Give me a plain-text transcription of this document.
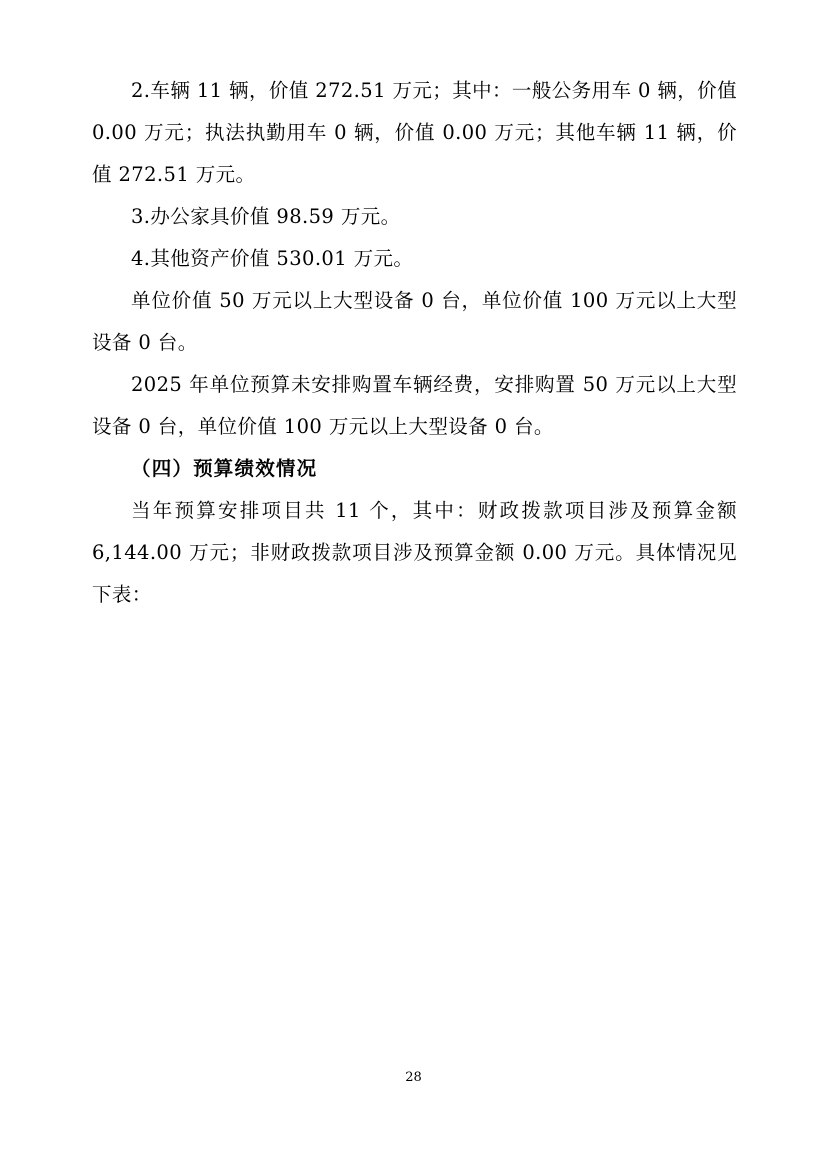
2.车辆 11 辆，价值 272.51 万元；其中：一般公务用车 0 辆，价值 0.00 万元；执法执勤用车 0 辆，价值 0.00 万元；其他车辆 11 辆，价值 272.51 万元。

3.办公家具价值 98.59 万元。

4.其他资产价值 530.01 万元。

单位价值 50 万元以上大型设备 0 台，单位价值 100 万元以上大型设备 0 台。

2025 年单位预算未安排购置车辆经费，安排购置 50 万元以上大型设备 0 台，单位价值 100 万元以上大型设备 0 台。

（四）预算绩效情况

当年预算安排项目共 11 个，其中：财政拨款项目涉及预算金额 6,144.00 万元；非财政拨款项目涉及预算金额 0.00 万元。具体情况见下表：

28
